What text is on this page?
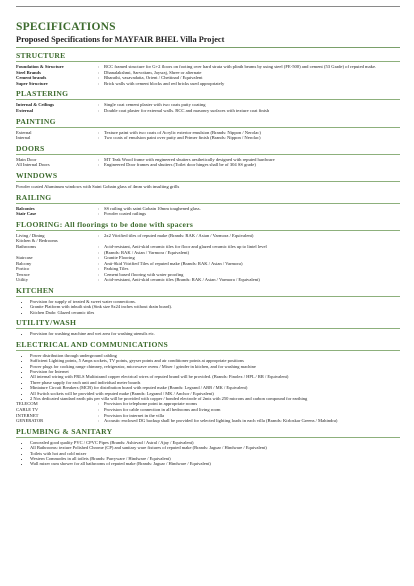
SPECIFICATIONS
Proposed Specifications for MAYFAIR BHEL Villa Project
STRUCTURE
Foundation & Structure	:	RCC framed structure for G+2 floors on footing over hard strata with plinth beams by using steel (FE-500) and cement (53 Grade) of reputed make.
Steel Brands	:	Dhanalakshmi, Sarvottam, Jaysraj, Shree or alternate
Cement brands	:	Bharathi, vasavadatta, Orient / Chettinad / Equivalent
Super Structure	:	Brick walls with cement blocks and red bricks used appropriately
PLASTERING
Internal & Ceilings	:	Single coat cement plaster with two coats putty coating
External	:	Double coat plaster for external walls. RCC and masonry surfaces with texture coat finish
PAINTING
External	:	Texture paint with two coats of Acrylic exterior emulsion (Brands: Nippon / Nerolac)
Internal	:	Two coats of emulsion paint over putty and Primer finish (Brands: Nippon / Nerolac)
DOORS
Main Door	:	MT Teak Wood frame with engineered shutters aesthetically designed with reputed hardware
All Internal Doors	:	Engineered Door frames and shutters (Toilet door hinges shall be of 304 SS grade)
WINDOWS
Powder coated Aluminum windows with Saint Gobain glass of 4mm with insulting grills
RAILING
Balconies	:	SS railing with saint Gobain 10mm toughened glass.
Stair Case	:	Powder coated railings
FLOORING: All floorings to be done with spacers
Living / Dining	:	2x2 Vitrified tiles of reputed make (Brands: RAK / Asian / Varmora / Equivalent)
Kitchen & / Bedrooms
Bathrooms	:	Acid-resistant, Anti-skid ceramic tiles for floor and glazed ceramic tiles up to lintel level
:	(Brands: RAK / Asian / Varmora / Equivalent)
Staircase	:	Granite Flooring
Balcony	:	Anti-Skid Vitrified Tiles of reputed make (Brands: RAK / Asian / Varmora)
Portico	:	Parking Tiles
Terrace	:	Cement based flooring with water proofing
Utility	:	Acid-resistant, Anti-skid ceramic tiles (Brands: RAK / Asian / Varmora / Equivalent)
KITCHEN
• Provision for supply of treated & sweet water connections.
• Granite Platform with inbuilt sink (Sink size 8x24 inches without drain board).
• Kitchen Dado: Glazed ceramic tiles
UTILITY/WASH
• Provision for washing machine and wet area for washing utensils etc.
ELECTRICAL AND COMMUNICATIONS
• Power distribution through underground cabling
• Sufficient Lighting points, 5 Amps sockets, TV points, geyser points and air conditioner points at appropriate positions
• Power plugs for cooking range chimney, refrigerator, microwave ovens / Mixer / grinder in kitchen, and for washing machine
• Provision for Internet
• All internal wiring with FRLS Multistrand copper electrical wires of reputed brand will be provided. (Brands: Finolex / HPL / RR / Equivalent)
• Three phase supply for each unit and individual meter boards
• Miniature Circuit Breakers (MCB) for distribution board with reputed make (Brands: Legrand / ABB / MK / Equivalent)
• All Switch sockets will be provided with reputed make (Brands: Legrand / MK / Anchor / Equivalent)
• 2 Nos dedicated standard earth pits per villa will be provided with copper / bonded electrode of 2mts with 250 microns and carbon compound for earthing
TELECOM	:	Provision for telephone point in appropriate rooms
CABLE TV	:	Provision for cable connection in all bedrooms and living room
INTERNET	:	Provision for internet in the villa
GENERATOR	:	Acoustic enclosed DG backup shall be provided for selected lighting loads in each villa (Brands: Kirloskar Greens / Mahindra)
PLUMBING & SANITARY
• Concealed good quality PVC / CPVC Pipes (Brands: Ashirvad / Astral / Ajay / Equivalent)
• All Bathrooms: texture Polished Chrome (CP) and sanitary ware fixtures of reputed make (Brands: Jaguar / Hindware / Equivalent)
• Toilets with hot and cold mixer
• Western Commodes in all toilets (Brands: Parryware / Hindware / Equivalent)
• Wall mixer cum shower for all bathrooms of reputed make (Brands: Jaguar / Hindware / Equivalent)
